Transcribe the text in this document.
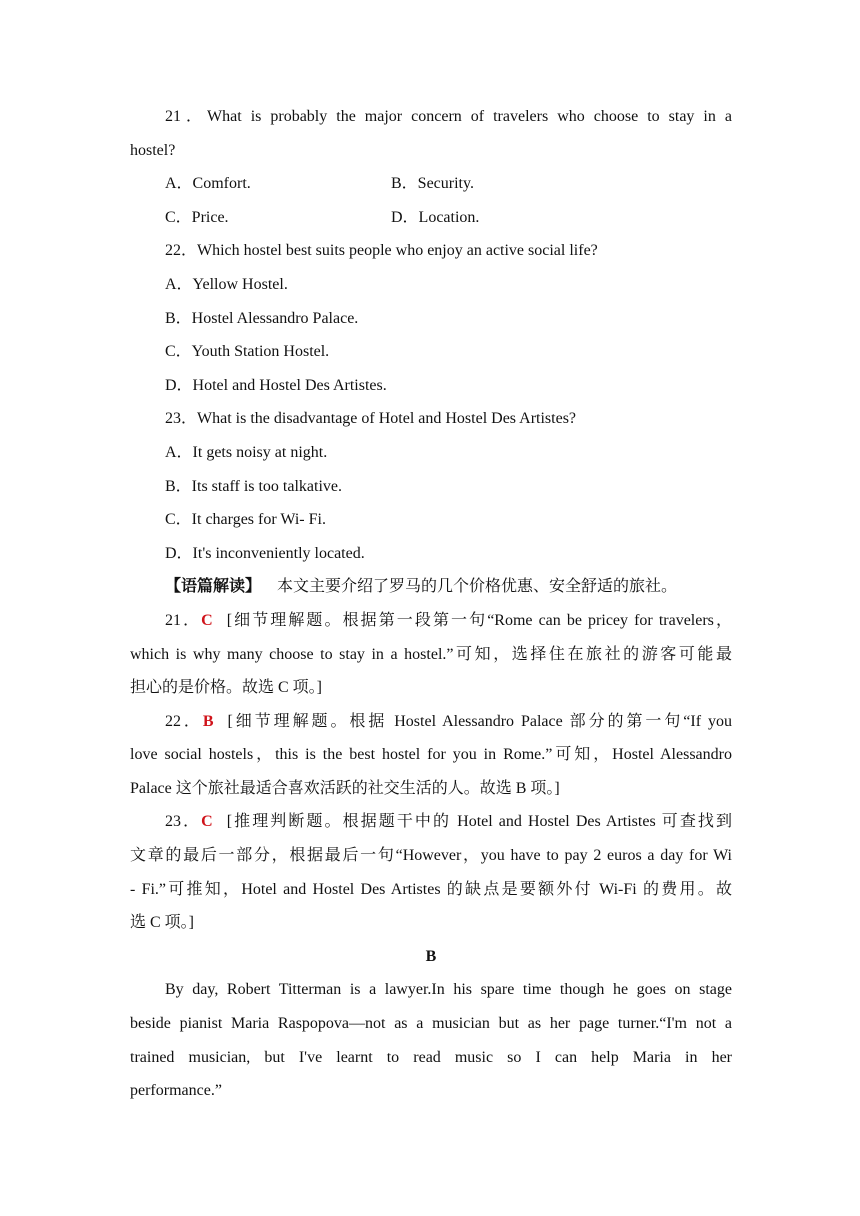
21．What is probably the major concern of travelers who choose to stay in a

hostel?

A．Comfort.	B．Security.

C．Price.	D．Location.

22．Which hostel best suits people who enjoy an active social life?

A．Yellow Hostel.

B．Hostel Alessandro Palace.

C．Youth Station Hostel.

D．Hotel and Hostel Des Artistes.

23．What is the disadvantage of Hotel and Hostel Des Artistes?

A．It gets noisy at night.

B．Its staff is too talkative.

C．It charges for Wi- Fi.

D．It's inconveniently located.

【语篇解读】 本文主要介绍了罗马的几个价格优惠、安全舒适的旅社。

21．C [细节理解题。根据第一段第一句“Rome can be pricey for travelers，

which is why many choose to stay in a hostel.”可知，选择住在旅社的游客可能最

担心的是价格。故选 C 项。]

22．B [细节理解题。根据 Hostel Alessandro Palace 部分的第一句“If you

love social hostels，this is the best hostel for you in Rome.”可知，Hostel Alessandro

Palace 这个旅社最适合喜欢活跃的社交生活的人。故选 B 项。]

23．C [推理判断题。根据题干中的 Hotel and Hostel Des Artistes 可查找到

文章的最后一部分，根据最后一句“However，you have to pay 2 euros a day for Wi

- Fi.”可推知，Hotel and Hostel Des Artistes 的缺点是要额外付 Wi-Fi 的费用。故

选 C 项。]

B

By day, Robert Titterman is a lawyer.In his spare time though he goes on stage

beside pianist Maria Raspopova—not as a musician but as her page turner.“I'm not a

trained musician, but I've learnt to read music so I can help Maria in her

performance.”
